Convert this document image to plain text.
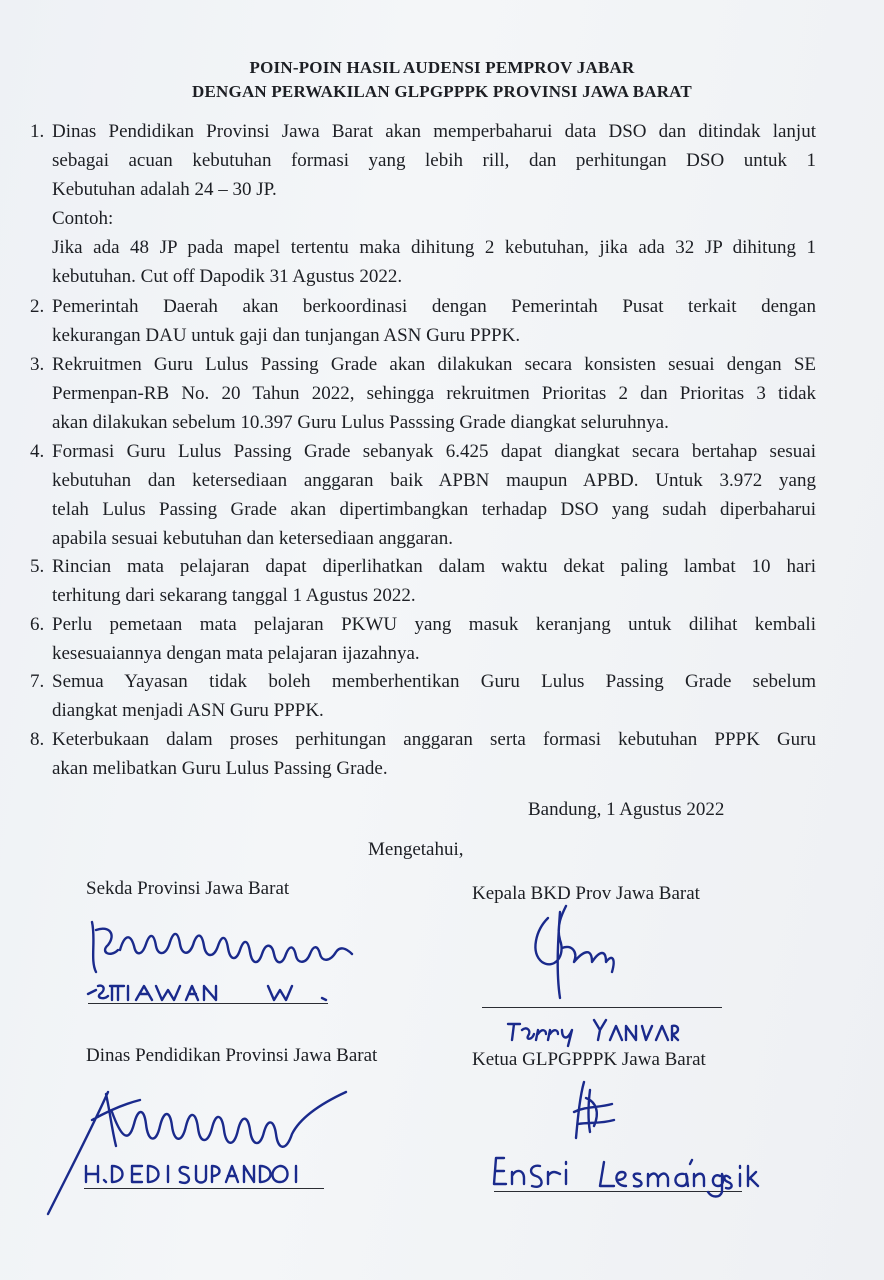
POIN-POIN HASIL AUDENSI PEMPROV JABAR
DENGAN PERWAKILAN GLPGPPPK PROVINSI JAWA BARAT
1. Dinas Pendidikan Provinsi Jawa Barat akan memperbaharui data DSO dan ditindak lanjut
sebagai acuan kebutuhan formasi yang lebih rill, dan perhitungan DSO untuk 1
Kebutuhan adalah 24 – 30 JP.
Contoh:
Jika ada 48 JP pada mapel tertentu maka dihitung 2 kebutuhan, jika ada 32 JP dihitung 1
kebutuhan. Cut off Dapodik 31 Agustus 2022.
2. Pemerintah Daerah akan berkoordinasi dengan Pemerintah Pusat terkait dengan
kekurangan DAU untuk gaji dan tunjangan ASN Guru PPPK.
3. Rekruitmen Guru Lulus Passing Grade akan dilakukan secara konsisten sesuai dengan SE
Permenpan-RB No. 20 Tahun 2022, sehingga rekruitmen Prioritas 2 dan Prioritas 3 tidak
akan dilakukan sebelum 10.397 Guru Lulus Passsing Grade diangkat seluruhnya.
4. Formasi Guru Lulus Passing Grade sebanyak 6.425 dapat diangkat secara bertahap sesuai
kebutuhan dan ketersediaan anggaran baik APBN maupun APBD. Untuk 3.972 yang
telah Lulus Passing Grade akan dipertimbangkan terhadap DSO yang sudah diperbaharui
apabila sesuai kebutuhan dan ketersediaan anggaran.
5. Rincian mata pelajaran dapat diperlihatkan dalam waktu dekat paling lambat 10 hari
terhitung dari sekarang tanggal 1 Agustus 2022.
6. Perlu pemetaan mata pelajaran PKWU yang masuk keranjang untuk dilihat kembali
kesesuaiannya dengan mata pelajaran ijazahnya.
7. Semua Yayasan tidak boleh memberhentikan Guru Lulus Passing Grade sebelum
diangkat menjadi ASN Guru PPPK.
8. Keterbukaan dalam proses perhitungan anggaran serta formasi kebutuhan PPPK Guru
akan melibatkan Guru Lulus Passing Grade.
Bandung, 1 Agustus 2022
Mengetahui,
Sekda Provinsi Jawa Barat	Kepala BKD Prov Jawa Barat
Dinas Pendidikan Provinsi Jawa Barat	Ketua GLPGPPPK Jawa Barat
